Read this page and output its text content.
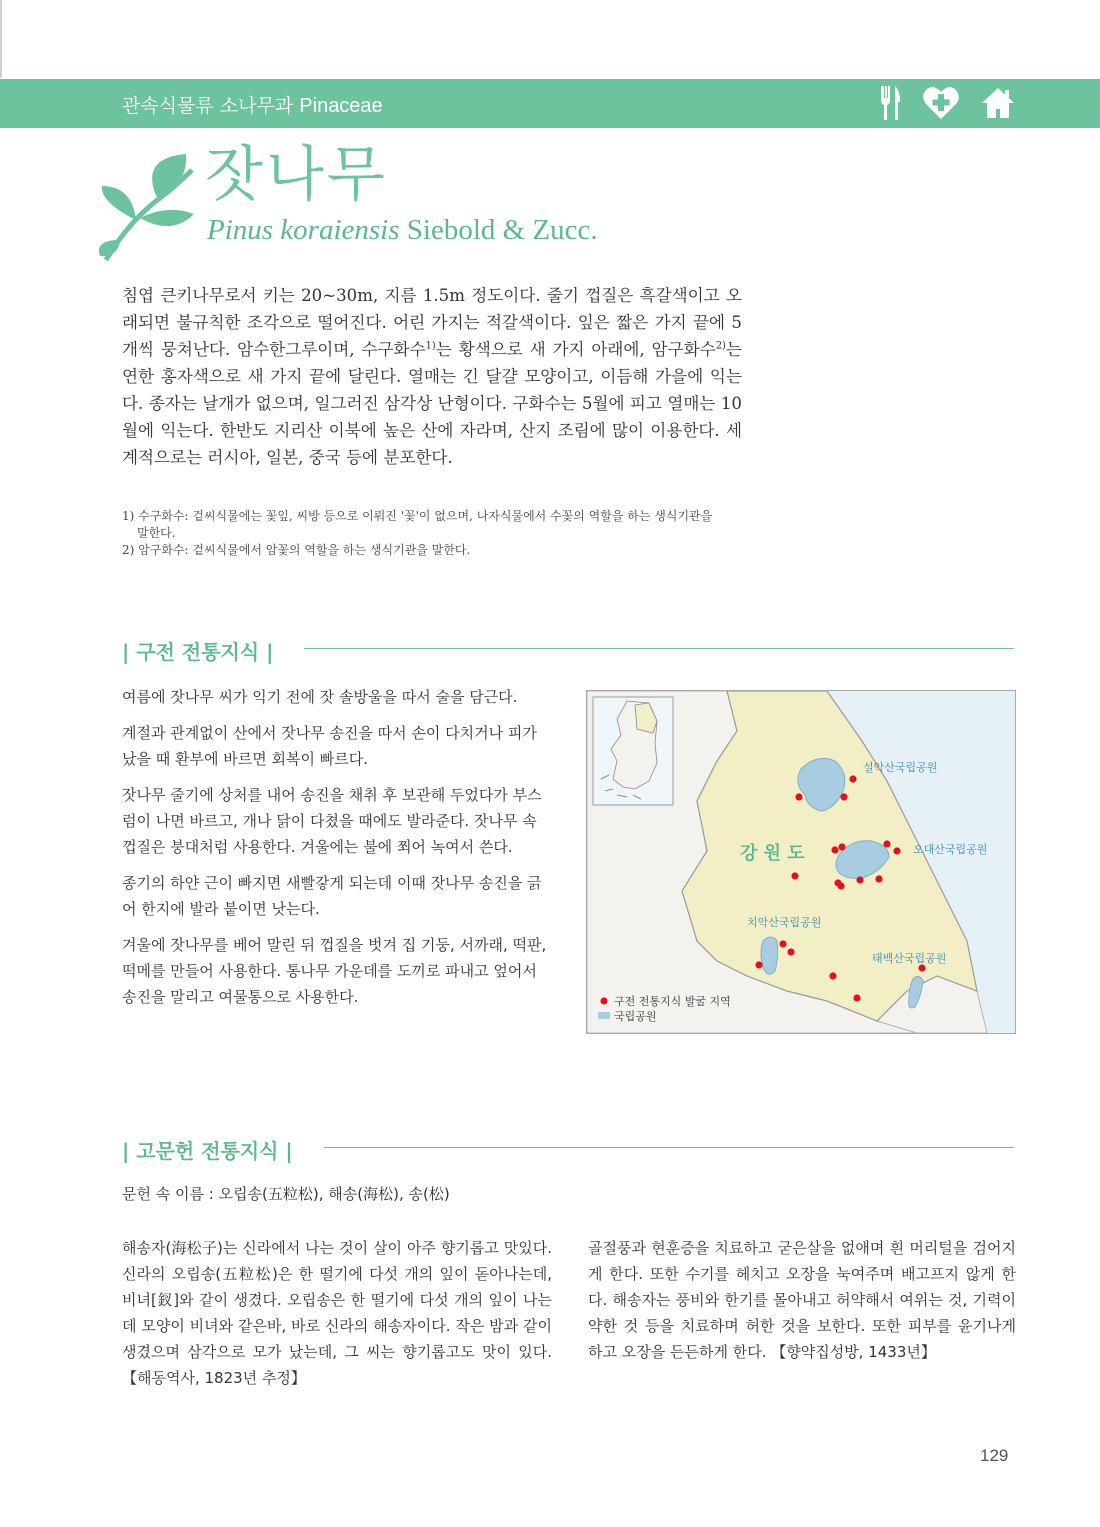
관속식물류 소나무과 Pinaceae
잣나무
Pinus koraiensis Siebold & Zucc.
침엽 큰키나무로서 키는 20~30m, 지름 1.5m 정도이다. 줄기 껍질은 흑갈색이고 오래되면 불규칙한 조각으로 떨어진다. 어린 가지는 적갈색이다. 잎은 짧은 가지 끝에 5개씩 뭉쳐난다. 암수한그루이며, 수구화수$^{1)}$는 황색으로 새 가지 아래에, 암구화수$^{2)}$는 연한 홍자색으로 새 가지 끝에 달린다. 열매는 긴 달걀 모양이고, 이듬해 가을에 익는다. 종자는 날개가 없으며, 일그러진 삼각상 난형이다. 구화수는 5월에 피고 열매는 10월에 익는다. 한반도 지리산 이북에 높은 산에 자라며, 산지 조림에 많이 이용한다. 세계적으로는 러시아, 일본, 중국 등에 분포한다.
1) 수구화수: 겉씨식물에는 꽃잎, 씨방 등으로 이뤄진 '꽃'이 없으며, 나자식물에서 수꽃의 역할을 하는 생식기관을
말한다.
2) 암구화수: 겉씨식물에서 암꽃의 역할을 하는 생식기관을 말한다.
| 구전 전통지식 |

여름에 잣나무 씨가 익기 전에 잣 솔방울을 따서 술을 담근다.

계절과 관계없이 산에서 잣나무 송진을 따서 손이 다치거나 피가 났을 때 환부에 바르면 회복이 빠르다.

잣나무 줄기에 상처를 내어 송진을 채취 후 보관해 두었다가 부스럼이 나면 바르고, 개나 닭이 다쳤을 때에도 발라준다. 잣나무 속 껍질은 붕대처럼 사용한다. 겨울에는 불에 쬐어 녹여서 쓴다.

종기의 하얀 근이 빠지면 새빨갛게 되는데 이때 잣나무 송진을 긁어 한지에 발라 붙이면 낫는다.

겨울에 잣나무를 베어 말린 뒤 껍질을 벗겨 집 기둥, 서까래, 떡판, 떡메를 만들어 사용한다. 통나무 가운데를 도끼로 파내고 엎어서 송진을 말리고 여물통으로 사용한다.

강 원 도
설악산국립공원
오대산국립공원
치악산국립공원
태백산국립공원
구전 전통지식 발굴 지역
국립공원
| 고문헌 전통지식 |
문헌 속 이름 : 오립송(五粒松), 해송(海松), 송(松)
해송자(海松子)는 신라에서 나는 것이 살이 아주 향기롭고 맛있다. 신라의 오립송(五粒松)은 한 떨기에 다섯 개의 잎이 돋아나는데, 비녀[釵]와 같이 생겼다. 오립송은 한 떨기에 다섯 개의 잎이 나는데 모양이 비녀와 같은바, 바로 신라의 해송자이다. 작은 밤과 같이 생겼으며 삼각으로 모가 났는데, 그 씨는 향기롭고도 맛이 있다. 【해동역사, 1823년 추정】
골절풍과 현훈증을 치료하고 굳은살을 없애며 흰 머리털을 검어지게 한다. 또한 수기를 헤치고 오장을 눅여주며 배고프지 않게 한다. 해송자는 풍비와 한기를 몰아내고 허약해서 여위는 것, 기력이 약한 것 등을 치료하며 허한 것을 보한다. 또한 피부를 윤기나게 하고 오장을 든든하게 한다. 【향약집성방, 1433년】
129
